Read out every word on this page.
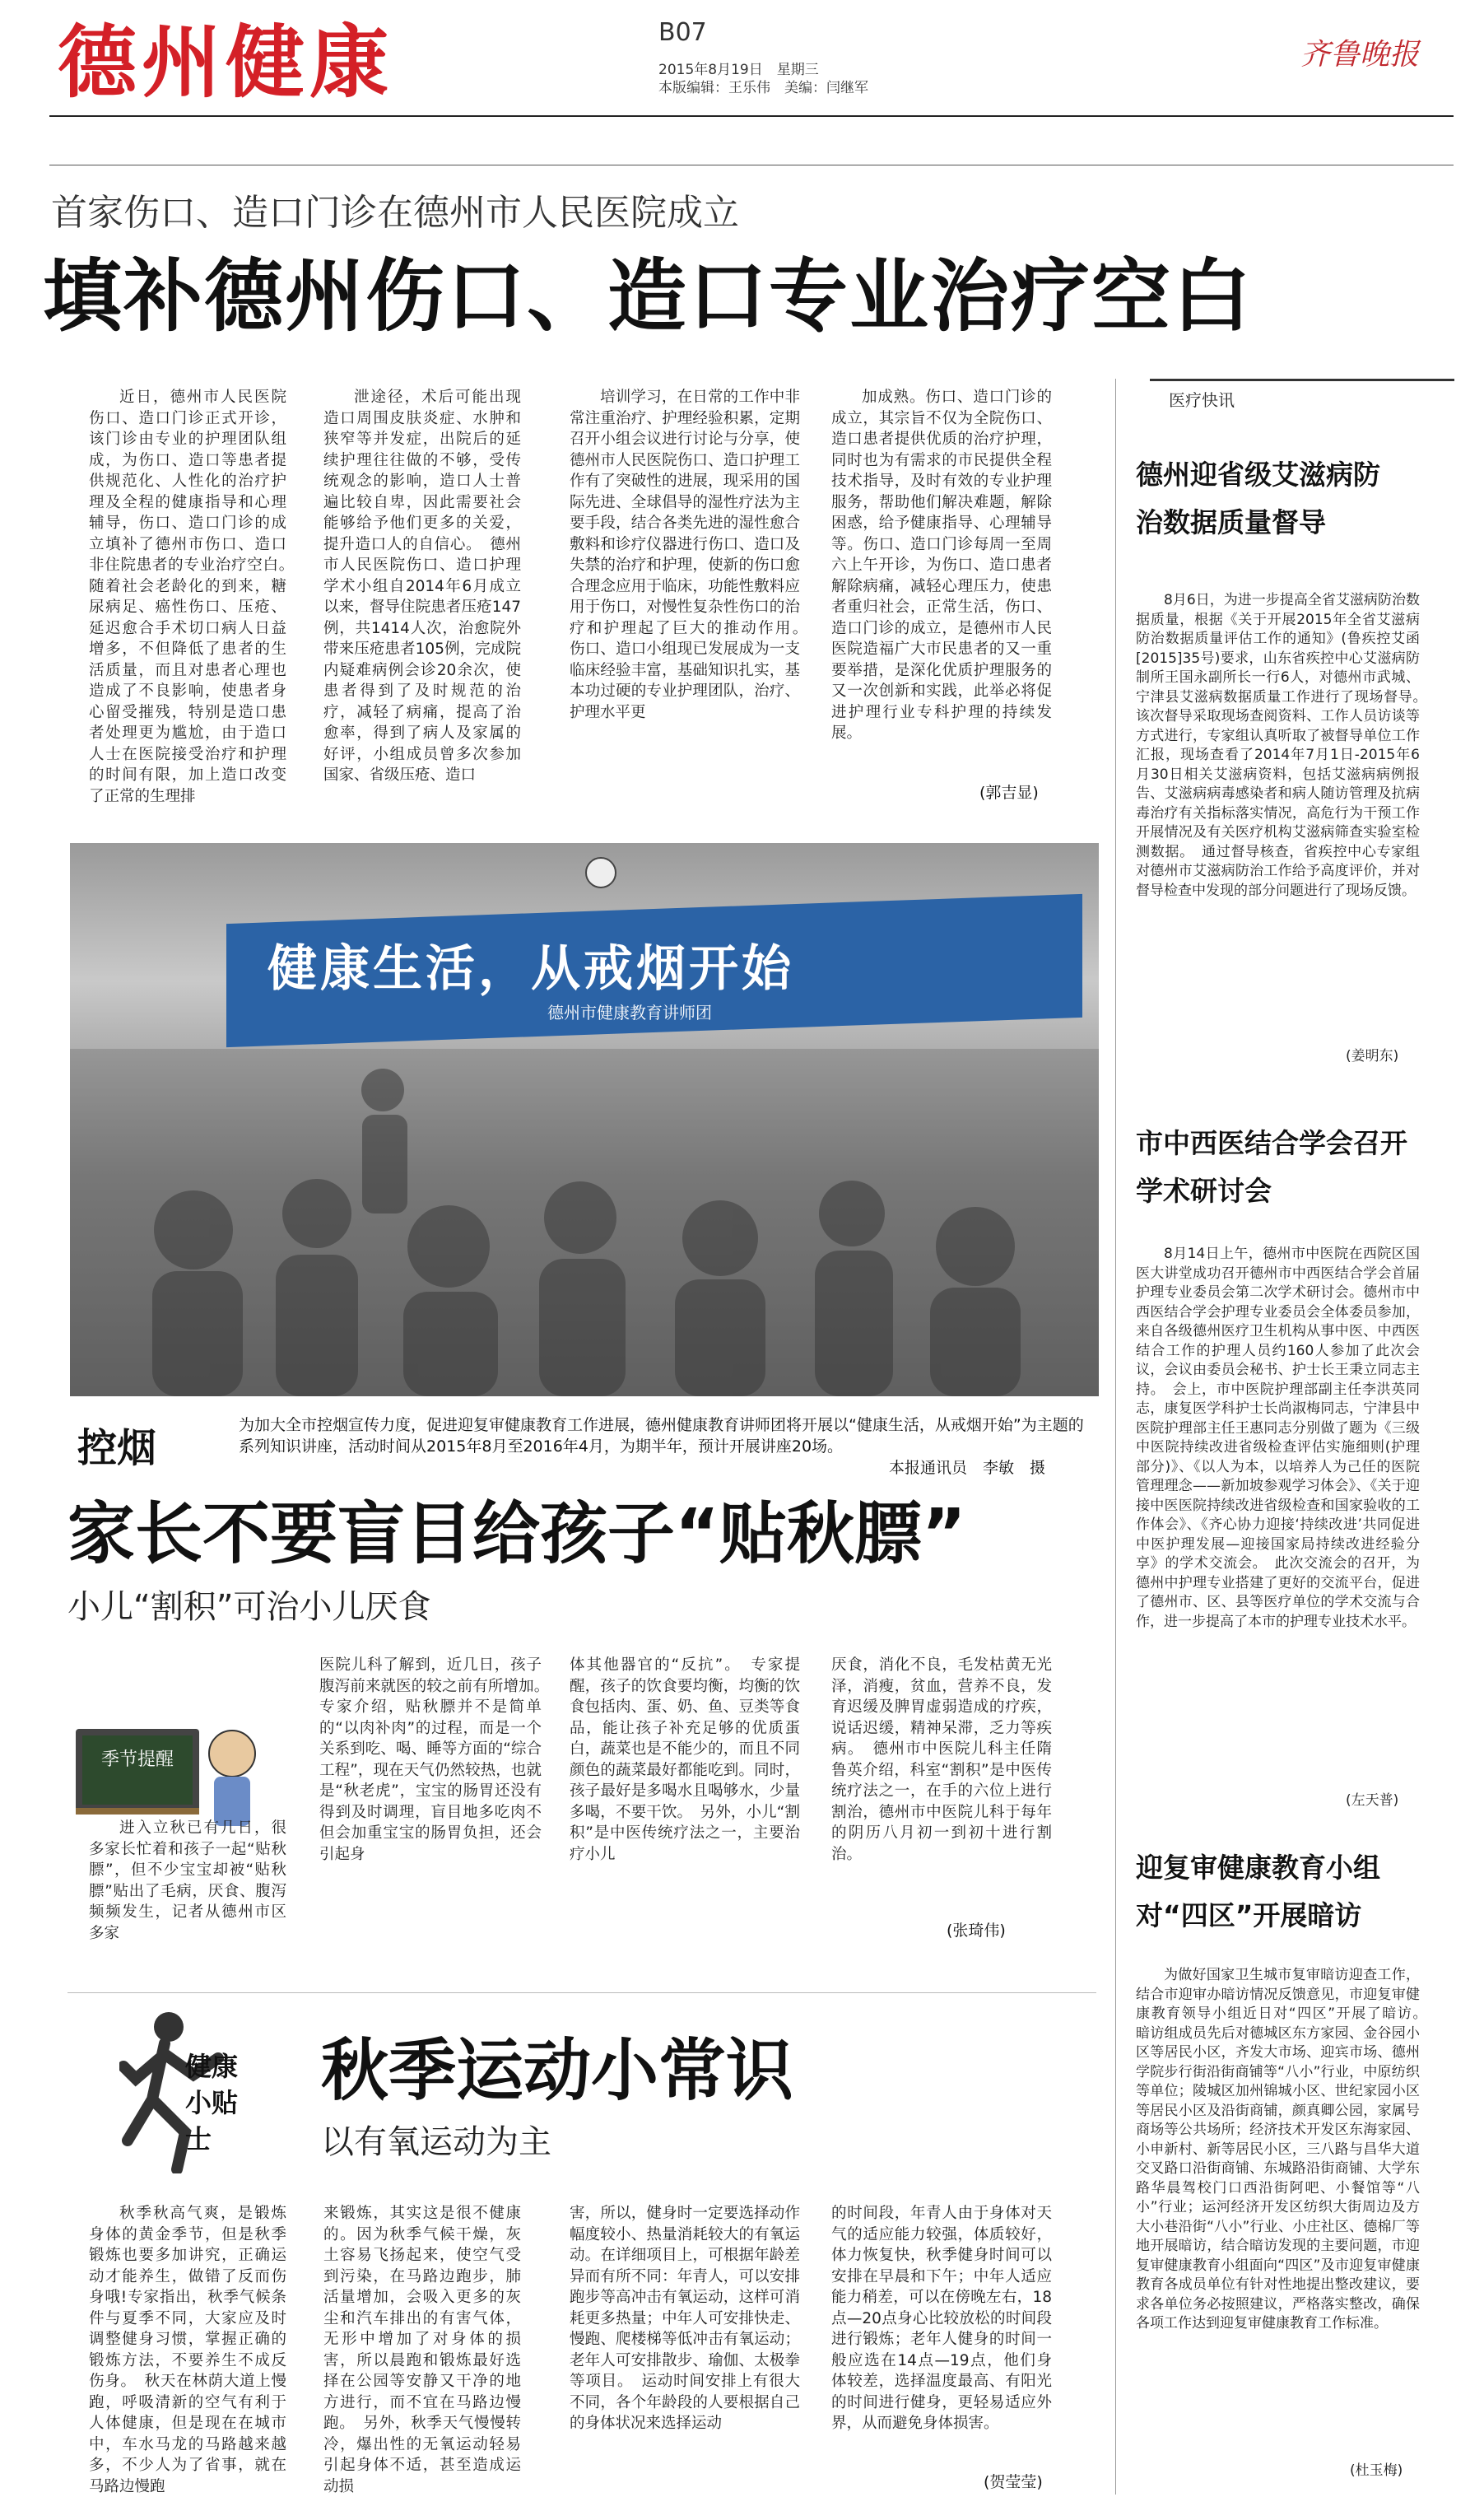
德州健康	B07
2015年8月19日　星期三
本版编辑：王乐伟　美编：闫继军
齐鲁晚报
首家伤口、造口门诊在德州市人民医院成立
填补德州伤口、造口专业治疗空白
近日，德州市人民医院伤口、造口门诊正式开诊，该门诊由专业的护理团队组成，为伤口、造口等患者提供规范化、人性化的治疗护理及全程的健康指导和心理辅导，伤口、造口门诊的成立填补了德州市伤口、造口非住院患者的专业治疗空白。　随着社会老龄化的到来，糖尿病足、癌性伤口、压疮、延迟愈合手术切口病人日益增多，不但降低了患者的生活质量，而且对患者心理也造成了不良影响，使患者身心留受摧残，特别是造口患者处理更为尴尬，由于造口人士在医院接受治疗和护理的时间有限，加上造口改变了正常的生理排
泄途径，术后可能出现造口周围皮肤炎症、水肿和狭窄等并发症，出院后的延续护理往往做的不够，受传统观念的影响，造口人士普遍比较自卑，因此需要社会能够给予他们更多的关爱，提升造口人的自信心。　德州市人民医院伤口、造口护理学术小组自2014年6月成立以来，督导住院患者压疮147例，共1414人次，治愈院外带来压疮患者105例，完成院内疑难病例会诊20余次，使患者得到了及时规范的治疗，减轻了病痛，提高了治愈率，得到了病人及家属的好评，小组成员曾多次参加国家、省级压疮、造口
培训学习，在日常的工作中非常注重治疗、护理经验积累，定期召开小组会议进行讨论与分享，使德州市人民医院伤口、造口护理工作有了突破性的进展，现采用的国际先进、全球倡导的湿性疗法为主要手段，结合各类先进的湿性愈合敷料和诊疗仪器进行伤口、造口及失禁的治疗和护理，使新的伤口愈合理念应用于临床，功能性敷料应用于伤口，对慢性复杂性伤口的治疗和护理起了巨大的推动作用。　伤口、造口小组现已发展成为一支临床经验丰富，基础知识扎实，基本功过硬的专业护理团队，治疗、护理水平更
加成熟。伤口、造口门诊的成立，其宗旨不仅为全院伤口、造口患者提供优质的治疗护理，同时也为有需求的市民提供全程技术指导，及时有效的专业护理服务，帮助他们解决难题，解除困惑，给予健康指导、心理辅导等。伤口、造口门诊每周一至周六上午开诊，为伤口、造口患者解除病痛，减轻心理压力，使患者重归社会，正常生活，伤口、造口门诊的成立，是德州市人民医院造福广大市民患者的又一重要举措，是深化优质护理服务的又一次创新和实践，此举必将促进护理行业专科护理的持续发展。
(郭吉显)
医疗快讯
德州迎省级艾滋病防治数据质量督导
8月6日，为进一步提高全省艾滋病防治数据质量，根据《关于开展2015年全省艾滋病防治数据质量评估工作的通知》(鲁疾控艾函[2015]35号)要求，山东省疾控中心艾滋病防制所王国永副所长一行6人，对德州市武城、宁津县艾滋病数据质量工作进行了现场督导。　该次督导采取现场查阅资料、工作人员访谈等方式进行，专家组认真听取了被督导单位工作汇报，现场查看了2014年7月1日-2015年6月30日相关艾滋病资料，包括艾滋病病例报告、艾滋病病毒感染者和病人随访管理及抗病毒治疗有关指标落实情况，高危行为干预工作开展情况及有关医疗机构艾滋病筛查实验室检测数据。　通过督导核查，省疾控中心专家组对德州市艾滋病防治工作给予高度评价，并对督导检查中发现的部分问题进行了现场反馈。
(姜明东)
市中西医结合学会召开学术研讨会
8月14日上午，德州市中医院在西院区国医大讲堂成功召开德州市中西医结合学会首届护理专业委员会第二次学术研讨会。德州市中西医结合学会护理专业委员会全体委员参加，来自各级德州医疗卫生机构从事中医、中西医结合工作的护理人员约160人参加了此次会议，会议由委员会秘书、护士长王秉立同志主持。　会上，市中医院护理部副主任李洪英同志，康复医学科护士长尚淑梅同志，宁津县中医院护理部主任王惠同志分别做了题为《三级中医院持续改进省级检查评估实施细则(护理部分)》、《以人为本，以培养人为己任的医院管理理念——新加坡参观学习体会》、《关于迎接中医医院持续改进省级检查和国家验收的工作体会》、《齐心协力迎接‘持续改进’共同促进中医护理发展—迎接国家局持续改进经验分享》的学术交流会。　此次交流会的召开，为德州中护理专业搭建了更好的交流平台，促进了德州市、区、县等医疗单位的学术交流与合作，进一步提高了本市的护理专业技术水平。
(左天普)
迎复审健康教育小组对“四区”开展暗访
为做好国家卫生城市复审暗访迎查工作，结合市迎审办暗访情况反馈意见，市迎复审健康教育领导小组近日对“四区”开展了暗访。　暗访组成员先后对德城区东方家园、金谷园小区等居民小区，齐发大市场、迎宾市场、德州学院步行街沿街商铺等“八小”行业，中原纺织等单位；陵城区加州锦城小区、世纪家园小区等居民小区及沿街商铺，颜真卿公园，家属号商场等公共场所；经济技术开发区东海家园、小申新村、新等居民小区，三八路与昌华大道交叉路口沿街商铺、东城路沿街商铺、大学东路华晨驾校门口西沿街阿吧、小餐馆等“八小”行业；运河经济开发区纺织大街周边及方大小巷沿街“八小”行业、小庄社区、德棉厂等地开展暗访，结合暗访发现的主要问题，市迎复审健康教育小组面向“四区”及市迎复审健康教育各成员单位有针对性地提出整改建议，要求各单位务必按照建议，严格落实整改，确保各项工作达到迎复审健康教育工作标准。
(杜玉梅)
健康生活，从戒烟开始
德州市健康教育讲师团
控烟	为加大全市控烟宣传力度，促进迎复审健康教育工作进展，德州健康教育讲师团将开展以“健康生活，从戒烟开始”为主题的系列知识讲座，活动时间从2015年8月至2016年4月，为期半年，预计开展讲座20场。
本报通讯员　李敏　摄
家长不要盲目给孩子“贴秋膘”
小儿“割积”可治小儿厌食
季节提醒
进入立秋已有几日，很多家长忙着和孩子一起“贴秋膘”，但不少宝宝却被“贴秋膘”贴出了毛病，厌食、腹泻频频发生，记者从德州市区多家
医院儿科了解到，近几日，孩子腹泻前来就医的较之前有所增加。　专家介绍，贴秋膘并不是简单的“以肉补肉”的过程，而是一个关系到吃、喝、睡等方面的“综合工程”，现在天气仍然较热，也就是“秋老虎”，宝宝的肠胃还没有得到及时调理，盲目地多吃肉不但会加重宝宝的肠胃负担，还会引起身
体其他器官的“反抗”。　专家提醒，孩子的饮食要均衡，均衡的饮食包括肉、蛋、奶、鱼、豆类等食品，能让孩子补充足够的优质蛋白，蔬菜也是不能少的，而且不同颜色的蔬菜最好都能吃到。同时，孩子最好是多喝水且喝够水，少量多喝，不要干饮。　另外，小儿“割积”是中医传统疗法之一，主要治疗小儿
厌食，消化不良，毛发枯黄无光泽，消瘦，贫血，营养不良，发育迟缓及脾胃虚弱造成的疗疾，说话迟缓，精神呆滞，乏力等疾病。　德州市中医院儿科主任隋鲁英介绍，科室“割积”是中医传统疗法之一，在手的六位上进行割治，德州市中医院儿科于每年的阴历八月初一到初十进行割治。
(张琦伟)
健康小贴士
秋季运动小常识
以有氧运动为主
秋季秋高气爽，是锻炼身体的黄金季节，但是秋季锻炼也要多加讲究，正确运动才能养生，做错了反而伤身哦!专家指出，秋季气候条件与夏季不同，大家应及时调整健身习惯，掌握正确的锻炼方法，不要养生不成反伤身。　秋天在林荫大道上慢跑，呼吸清新的空气有利于人体健康，但是现在在城市中，车水马龙的马路越来越多，不少人为了省事，就在马路边慢跑
来锻炼，其实这是很不健康的。因为秋季气候干燥，灰土容易飞扬起来，使空气受到污染，在马路边跑步，肺活量增加，会吸入更多的灰尘和汽车排出的有害气体，无形中增加了对身体的损害，所以晨跑和锻炼最好选择在公园等安静又干净的地方进行，而不宜在马路边慢跑。　另外，秋季天气慢慢转冷，爆出性的无氧运动轻易引起身体不适，甚至造成运动损
害，所以，健身时一定要选择动作幅度较小、热量消耗较大的有氧运动。在详细项目上，可根据年龄差异而有所不同：年青人，可以安排跑步等高冲击有氧运动，这样可消耗更多热量；中年人可安排快走、慢跑、爬楼梯等低冲击有氧运动；老年人可安排散步、瑜伽、太极拳等项目。　运动时间安排上有很大不同，各个年龄段的人要根据自己的身体状况来选择运动
的时间段，年青人由于身体对天气的适应能力较强，体质较好，体力恢复快，秋季健身时间可以安排在早晨和下午；中年人适应能力稍差，可以在傍晚左右，18点—20点身心比较放松的时间段进行锻炼；老年人健身的时间一般应选在14点—19点，他们身体较差，选择温度最高、有阳光的时间进行健身，更轻易适应外界，从而避免身体损害。
(贺莹莹)
